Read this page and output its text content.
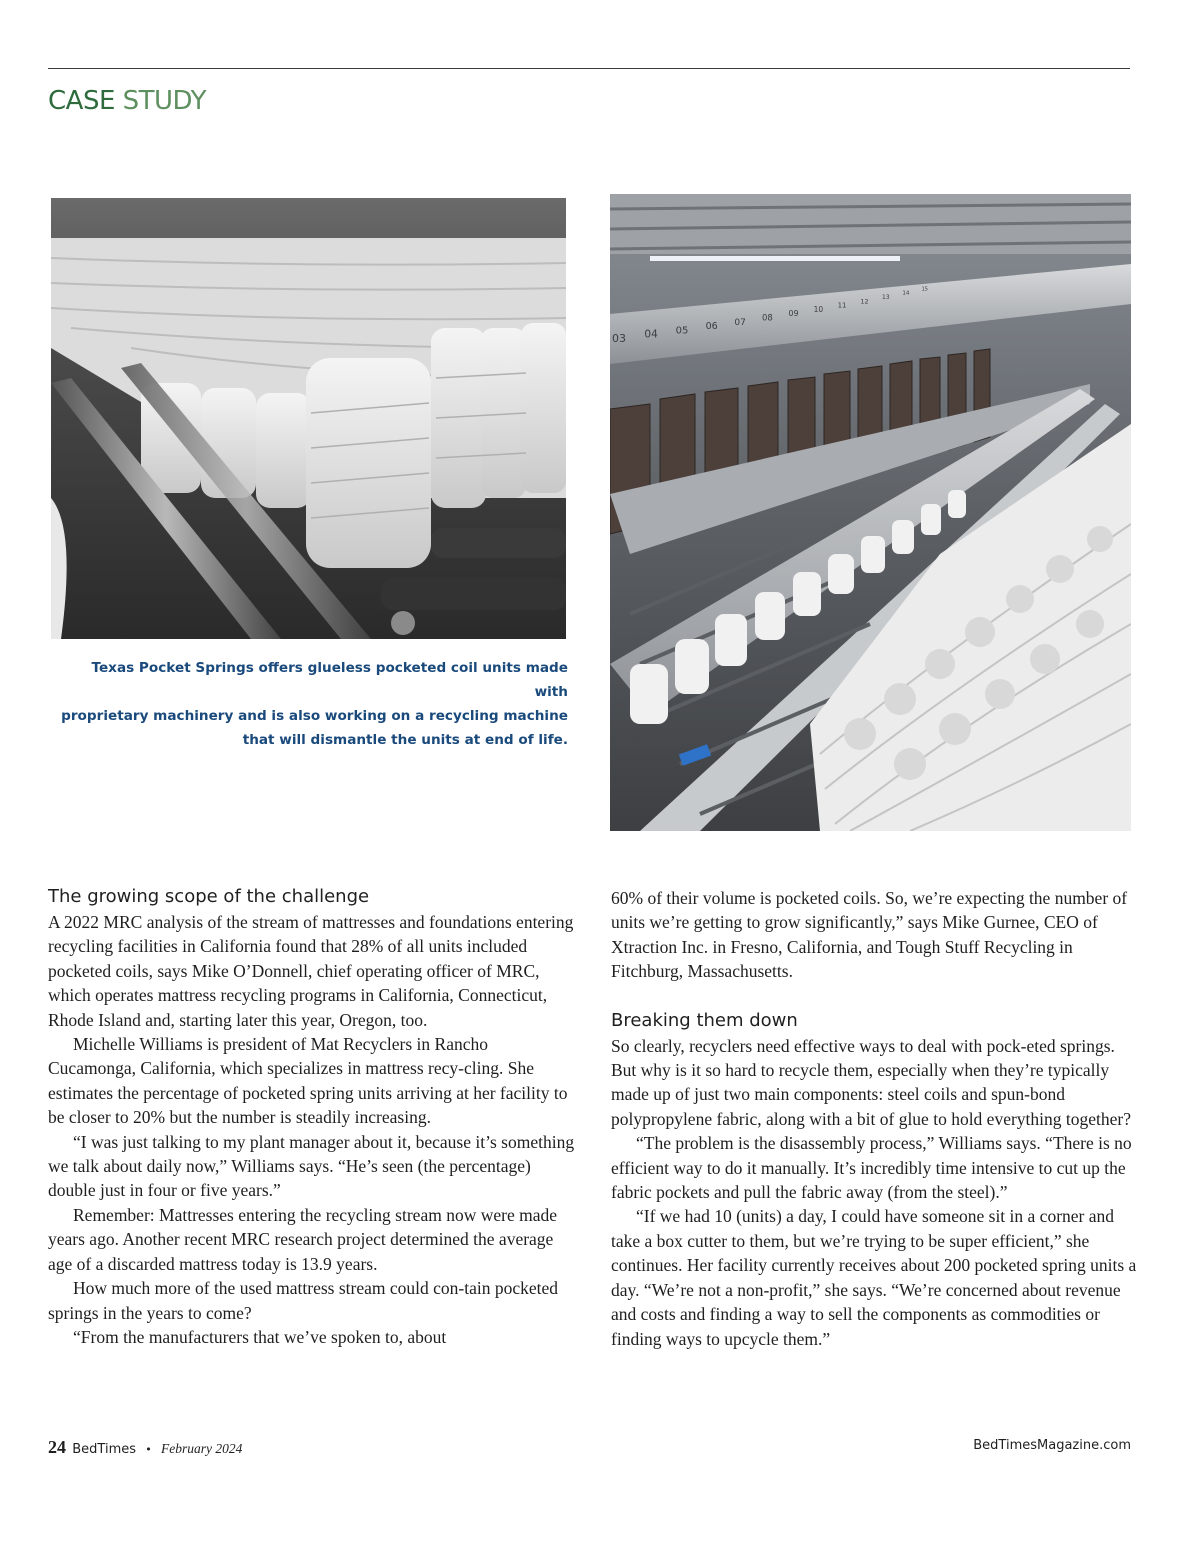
CASE STUDY
Texas Pocket Springs offers glueless pocketed coil units made with
proprietary machinery and is also working on a recycling machine
that will dismantle the units at end of life.
03 04 05 06 07 08 09 10 11
12 13
14
15
The growing scope of the challenge

A 2022 MRC analysis of the stream of mattresses and foundations entering recycling facilities in California found that 28% of all units included pocketed coils, says Mike O’Donnell, chief operating officer of MRC, which operates mattress recycling programs in California, Connecticut, Rhode Island and, starting later this year, Oregon, too.

Michelle Williams is president of Mat Recyclers in Rancho Cucamonga, California, which specializes in mattress recy-cling. She estimates the percentage of pocketed spring units arriving at her facility to be closer to 20% but the number is steadily increasing.

“I was just talking to my plant manager about it, because it’s something we talk about daily now,” Williams says. “He’s seen (the percentage) double just in four or five years.”

Remember: Mattresses entering the recycling stream now were made years ago. Another recent MRC research project determined the average age of a discarded mattress today is 13.9 years.

How much more of the used mattress stream could con-tain pocketed springs in the years to come?

“From the manufacturers that we’ve spoken to, about

60% of their volume is pocketed coils. So, we’re expecting the number of units we’re getting to grow significantly,” says Mike Gurnee, CEO of Xtraction Inc. in Fresno, California, and Tough Stuff Recycling in Fitchburg, Massachusetts.

Breaking them down

So clearly, recyclers need effective ways to deal with pock-eted springs. But why is it so hard to recycle them, especially when they’re typically made up of just two main components: steel coils and spun-bond polypropylene fabric, along with a bit of glue to hold everything together?

“The problem is the disassembly process,” Williams says. “There is no efficient way to do it manually. It’s incredibly time intensive to cut up the fabric pockets and pull the fabric away (from the steel).”

“If we had 10 (units) a day, I could have someone sit in a corner and take a box cutter to them, but we’re trying to be super efficient,” she continues. Her facility currently receives about 200 pocketed spring units a day. “We’re not a non-profit,” she says. “We’re concerned about revenue and costs and finding a way to sell the components as commodities or finding ways to upcycle them.”

24 BedTimes • February 2024	BedTimesMagazine.com
